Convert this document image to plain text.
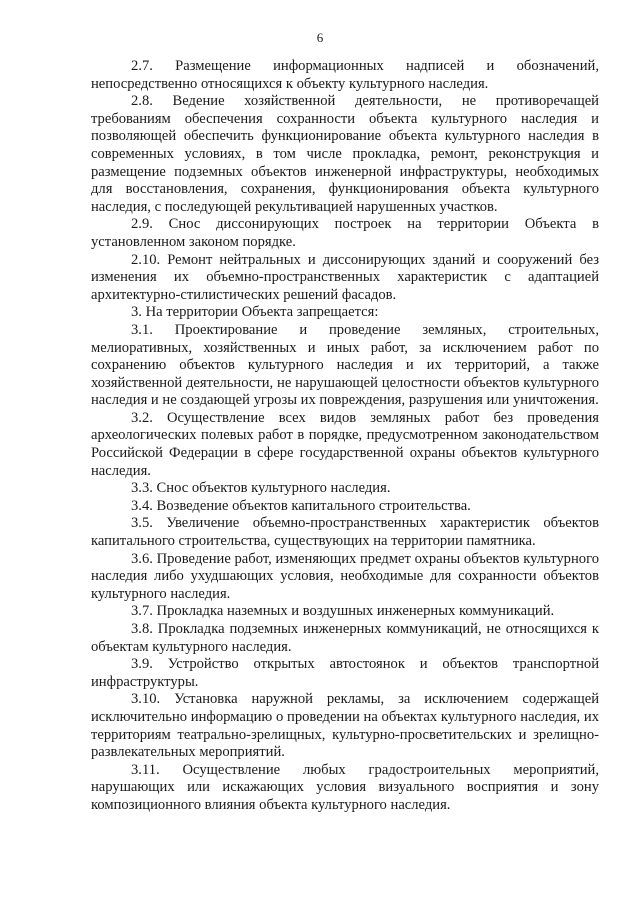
6

2.7. Размещение информационных надписей и обозначений, непосредственно относящихся к объекту культурного наследия.

2.8. Ведение хозяйственной деятельности, не противоречащей требованиям обеспечения сохранности объекта культурного наследия и позволяющей обеспечить функционирование объекта культурного наследия в современных условиях, в том числе прокладка, ремонт, реконструкция и размещение подземных объектов инженерной инфраструктуры, необходимых для восстановления, сохранения, функционирования объекта культурного наследия, с последующей рекультивацией нарушенных участков.

2.9. Снос диссонирующих построек на территории Объекта в установленном законом порядке.

2.10. Ремонт нейтральных и диссонирующих зданий и сооружений без изменения их объемно-пространственных характеристик с адаптацией архитектурно-стилистических решений фасадов.

3. На территории Объекта запрещается:

3.1. Проектирование и проведение земляных, строительных, мелиоративных, хозяйственных и иных работ, за исключением работ по сохранению объектов культурного наследия и их территорий, а также хозяйственной деятельности, не нарушающей целостности объектов культурного наследия и не создающей угрозы их повреждения, разрушения или уничтожения.

3.2. Осуществление всех видов земляных работ без проведения археологических полевых работ в порядке, предусмотренном законодательством Российской Федерации в сфере государственной охраны объектов культурного наследия.

3.3. Снос объектов культурного наследия.

3.4. Возведение объектов капитального строительства.

3.5. Увеличение объемно-пространственных характеристик объектов капитального строительства, существующих на территории памятника.

3.6. Проведение работ, изменяющих предмет охраны объектов культурного наследия либо ухудшающих условия, необходимые для сохранности объектов культурного наследия.

3.7. Прокладка наземных и воздушных инженерных коммуникаций.

3.8. Прокладка подземных инженерных коммуникаций, не относящихся к объектам культурного наследия.

3.9. Устройство открытых автостоянок и объектов транспортной инфраструктуры.

3.10. Установка наружной рекламы, за исключением содержащей исключительно информацию о проведении на объектах культурного наследия, их территориям театрально-зрелищных, культурно-просветительских и зрелищно-развлекательных мероприятий.

3.11. Осуществление любых градостроительных мероприятий, нарушающих или искажающих условия визуального восприятия и зону композиционного влияния объекта культурного наследия.
